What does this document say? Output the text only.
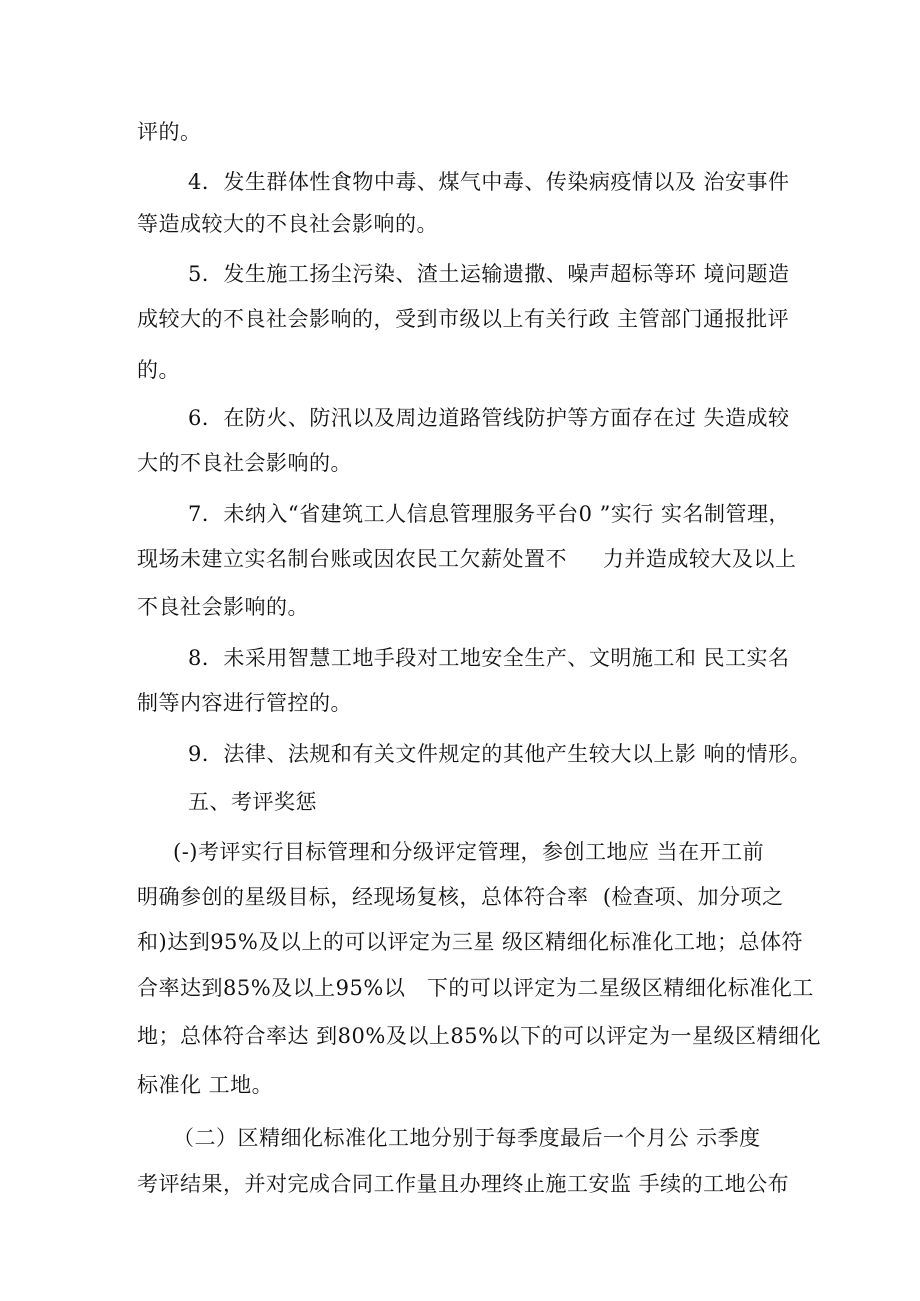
评的。
4．发生群体性食物中毒、煤气中毒、传染病疫情以及 治安事件
等造成较大的不良社会影响的。
5．发生施工扬尘污染、渣土运输遗撒、噪声超标等环 境问题造
成较大的不良社会影响的，受到市级以上有关行政 主管部门通报批评
的。
6．在防火、防汛以及周边道路管线防护等方面存在过 失造成较
大的不良社会影响的。
7．未纳入“省建筑工人信息管理服务平台0 ”实行 实名制管理，
现场未建立实名制台账或因农民工欠薪处置不     力并造成较大及以上
不良社会影响的。
8．未采用智慧工地手段对工地安全生产、文明施工和 民工实名
制等内容进行管控的。
9．法律、法规和有关文件规定的其他产生较大以上影 响的情形。
五、考评奖惩
(-)考评实行目标管理和分级评定管理，参创工地应 当在开工前
明确参创的星级目标，经现场复核，总体符合率  (检查项、加分项之
和)达到95%及以上的可以评定为三星 级区精细化标准化工地；总体符
合率达到85%及以上95%以   下的可以评定为二星级区精细化标准化工
地；总体符合率达 到80%及以上85%以下的可以评定为一星级区精细化
标准化 工地。
（二）区精细化标准化工地分别于每季度最后一个月公 示季度
考评结果，并对完成合同工作量且办理终止施工安监 手续的工地公布
